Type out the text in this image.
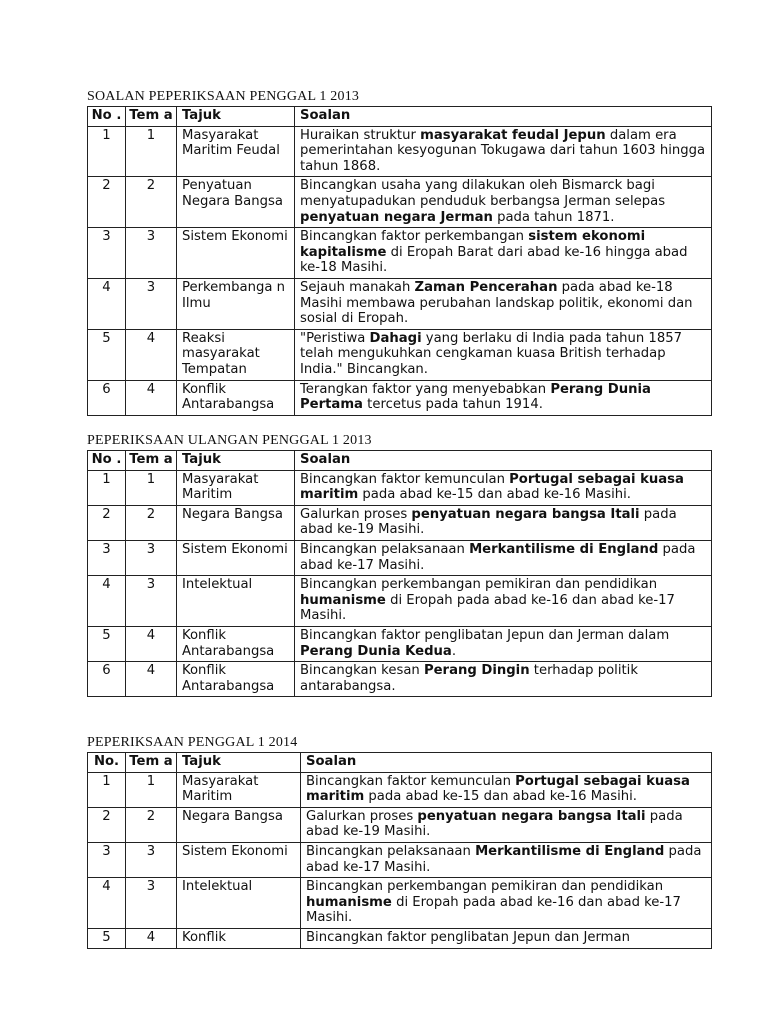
SOALAN PEPERIKSAAN PENGGAL 1 2013

No .	Tem a	Tajuk	Soalan
1	1	Masyarakat Maritim Feudal	Huraikan struktur masyarakat feudal Jepun dalam era pemerintahan kesyogunan Tokugawa dari tahun 1603 hingga tahun 1868.
2	2	Penyatuan Negara Bangsa	Bincangkan usaha yang dilakukan oleh Bismarck bagi menyatupadukan penduduk berbangsa Jerman selepas penyatuan negara Jerman pada tahun 1871.
3	3	Sistem Ekonomi	Bincangkan faktor perkembangan sistem ekonomi kapitalisme di Eropah Barat dari abad ke-16 hingga abad ke-18 Masihi.
4	3	Perkembanga n Ilmu	Sejauh manakah Zaman Pencerahan pada abad ke-18 Masihi membawa perubahan landskap politik, ekonomi dan sosial di Eropah.
5	4	Reaksi masyarakat Tempatan	"Peristiwa Dahagi yang berlaku di India pada tahun 1857 telah mengukuhkan cengkaman kuasa British terhadap India." Bincangkan.
6	4	Konflik Antarabangsa	Terangkan faktor yang menyebabkan Perang Dunia Pertama tercetus pada tahun 1914.

PEPERIKSAAN ULANGAN PENGGAL 1 2013

No .	Tem a	Tajuk	Soalan
1	1	Masyarakat Maritim	Bincangkan faktor kemunculan Portugal sebagai kuasa maritim pada abad ke-15 dan abad ke-16 Masihi.
2	2	Negara Bangsa	Galurkan proses penyatuan negara bangsa Itali pada abad ke-19 Masihi.
3	3	Sistem Ekonomi	Bincangkan pelaksanaan Merkantilisme di England pada abad ke-17 Masihi.
4	3	Intelektual	Bincangkan perkembangan pemikiran dan pendidikan humanisme di Eropah pada abad ke-16 dan abad ke-17 Masihi.
5	4	Konflik Antarabangsa	Bincangkan faktor penglibatan Jepun dan Jerman dalam Perang Dunia Kedua.
6	4	Konflik Antarabangsa	Bincangkan kesan Perang Dingin terhadap politik antarabangsa.

PEPERIKSAAN PENGGAL 1 2014

No.	Tem a	Tajuk	Soalan
1	1	Masyarakat Maritim	Bincangkan faktor kemunculan Portugal sebagai kuasa maritim pada abad ke-15 dan abad ke-16 Masihi.
2	2	Negara Bangsa	Galurkan proses penyatuan negara bangsa Itali pada abad ke-19 Masihi.
3	3	Sistem Ekonomi	Bincangkan pelaksanaan Merkantilisme di England pada abad ke-17 Masihi.
4	3	Intelektual	Bincangkan perkembangan pemikiran dan pendidikan humanisme di Eropah pada abad ke-16 dan abad ke-17 Masihi.
5	4	Konflik	Bincangkan faktor penglibatan Jepun dan Jerman
